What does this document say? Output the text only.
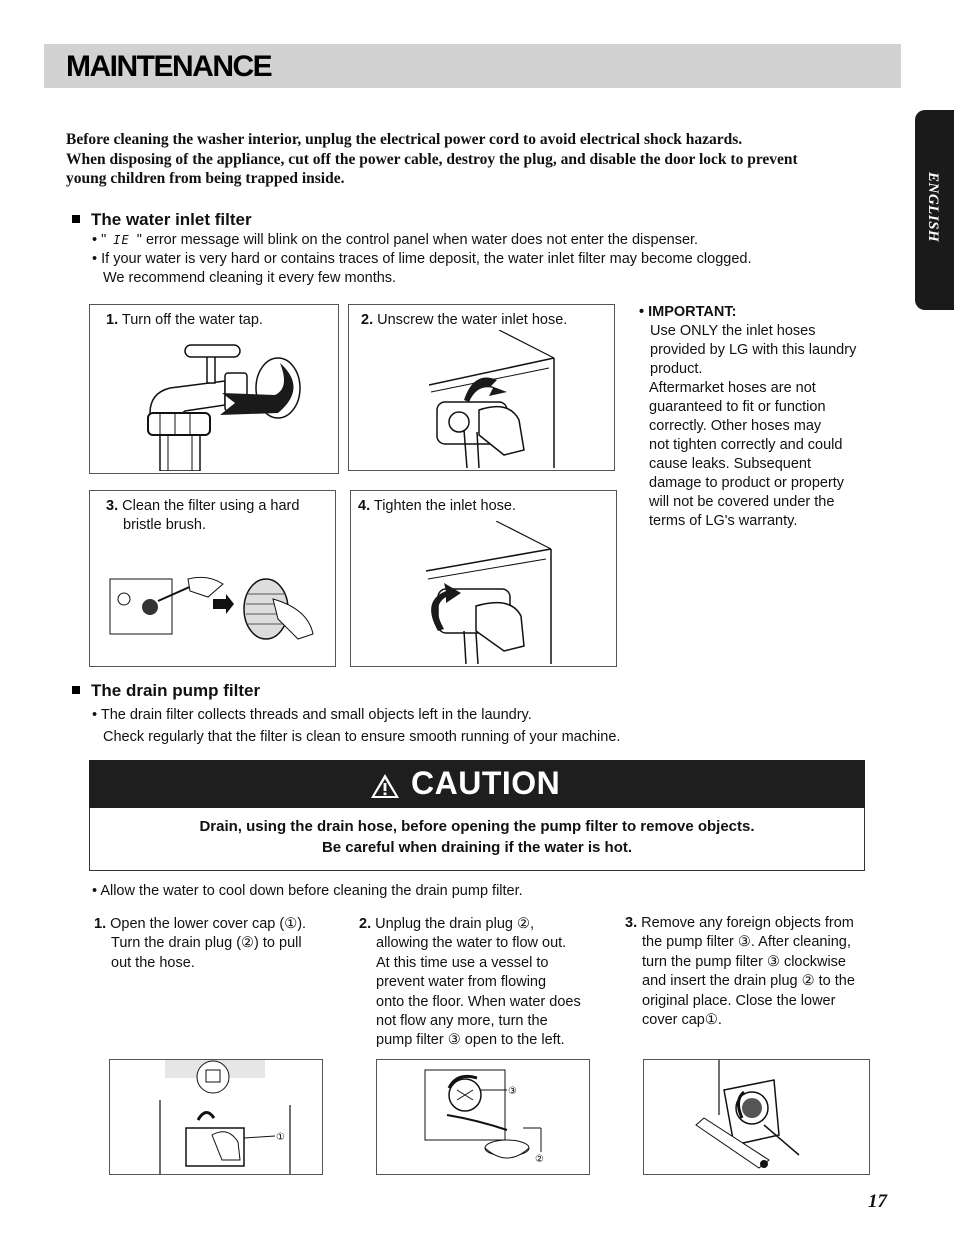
MAINTENANCE
ENGLISH

Before cleaning the washer interior, unplug the electrical power cord to avoid electrical shock hazards.

When disposing of the appliance, cut off the power cable, destroy the plug, and disable the door lock to prevent

young children from being trapped inside.

The water inlet filter
• " IE " error message will blink on the control panel when water does not enter the dispenser.
• If your water is very hard or contains traces of lime deposit, the water inlet filter may become clogged.
We recommend cleaning it every few months.
1. Turn off the water tap.	2. Unscrew the water inlet hose.
3. Clean the filter using a hard
bristle brush.
4. Tighten the inlet hose.
• IMPORTANT:
Use ONLY the inlet hoses
provided by LG with this laundry
product.
Aftermarket hoses are not
guaranteed to fit or function
correctly. Other hoses may
not tighten correctly and could
cause leaks. Subsequent
damage to product or property
will not be covered under the
terms of LG's warranty.
The drain pump filter
• The drain filter collects threads and small objects left in the laundry.
Check regularly that the filter is clean to ensure smooth running of your machine.
CAUTION

Drain, using the drain hose, before opening the pump filter to remove objects.

Be careful when draining if the water is hot.

• Allow the water to cool down before cleaning the drain pump filter.
1. Open the lower cover cap (①).
Turn the drain plug (②) to pull
out the hose.
2. Unplug the drain plug ②,
allowing the water to flow out.
At this time use a vessel to
prevent water from flowing
onto the floor. When water does
not flow any more, turn the
pump filter ③ open to the left.
3. Remove any foreign objects from
the pump filter ③. After cleaning,
turn the pump filter ③ clockwise
and insert the drain plug ② to the
original place. Close the lower
cover cap①.
①
③
②
17
